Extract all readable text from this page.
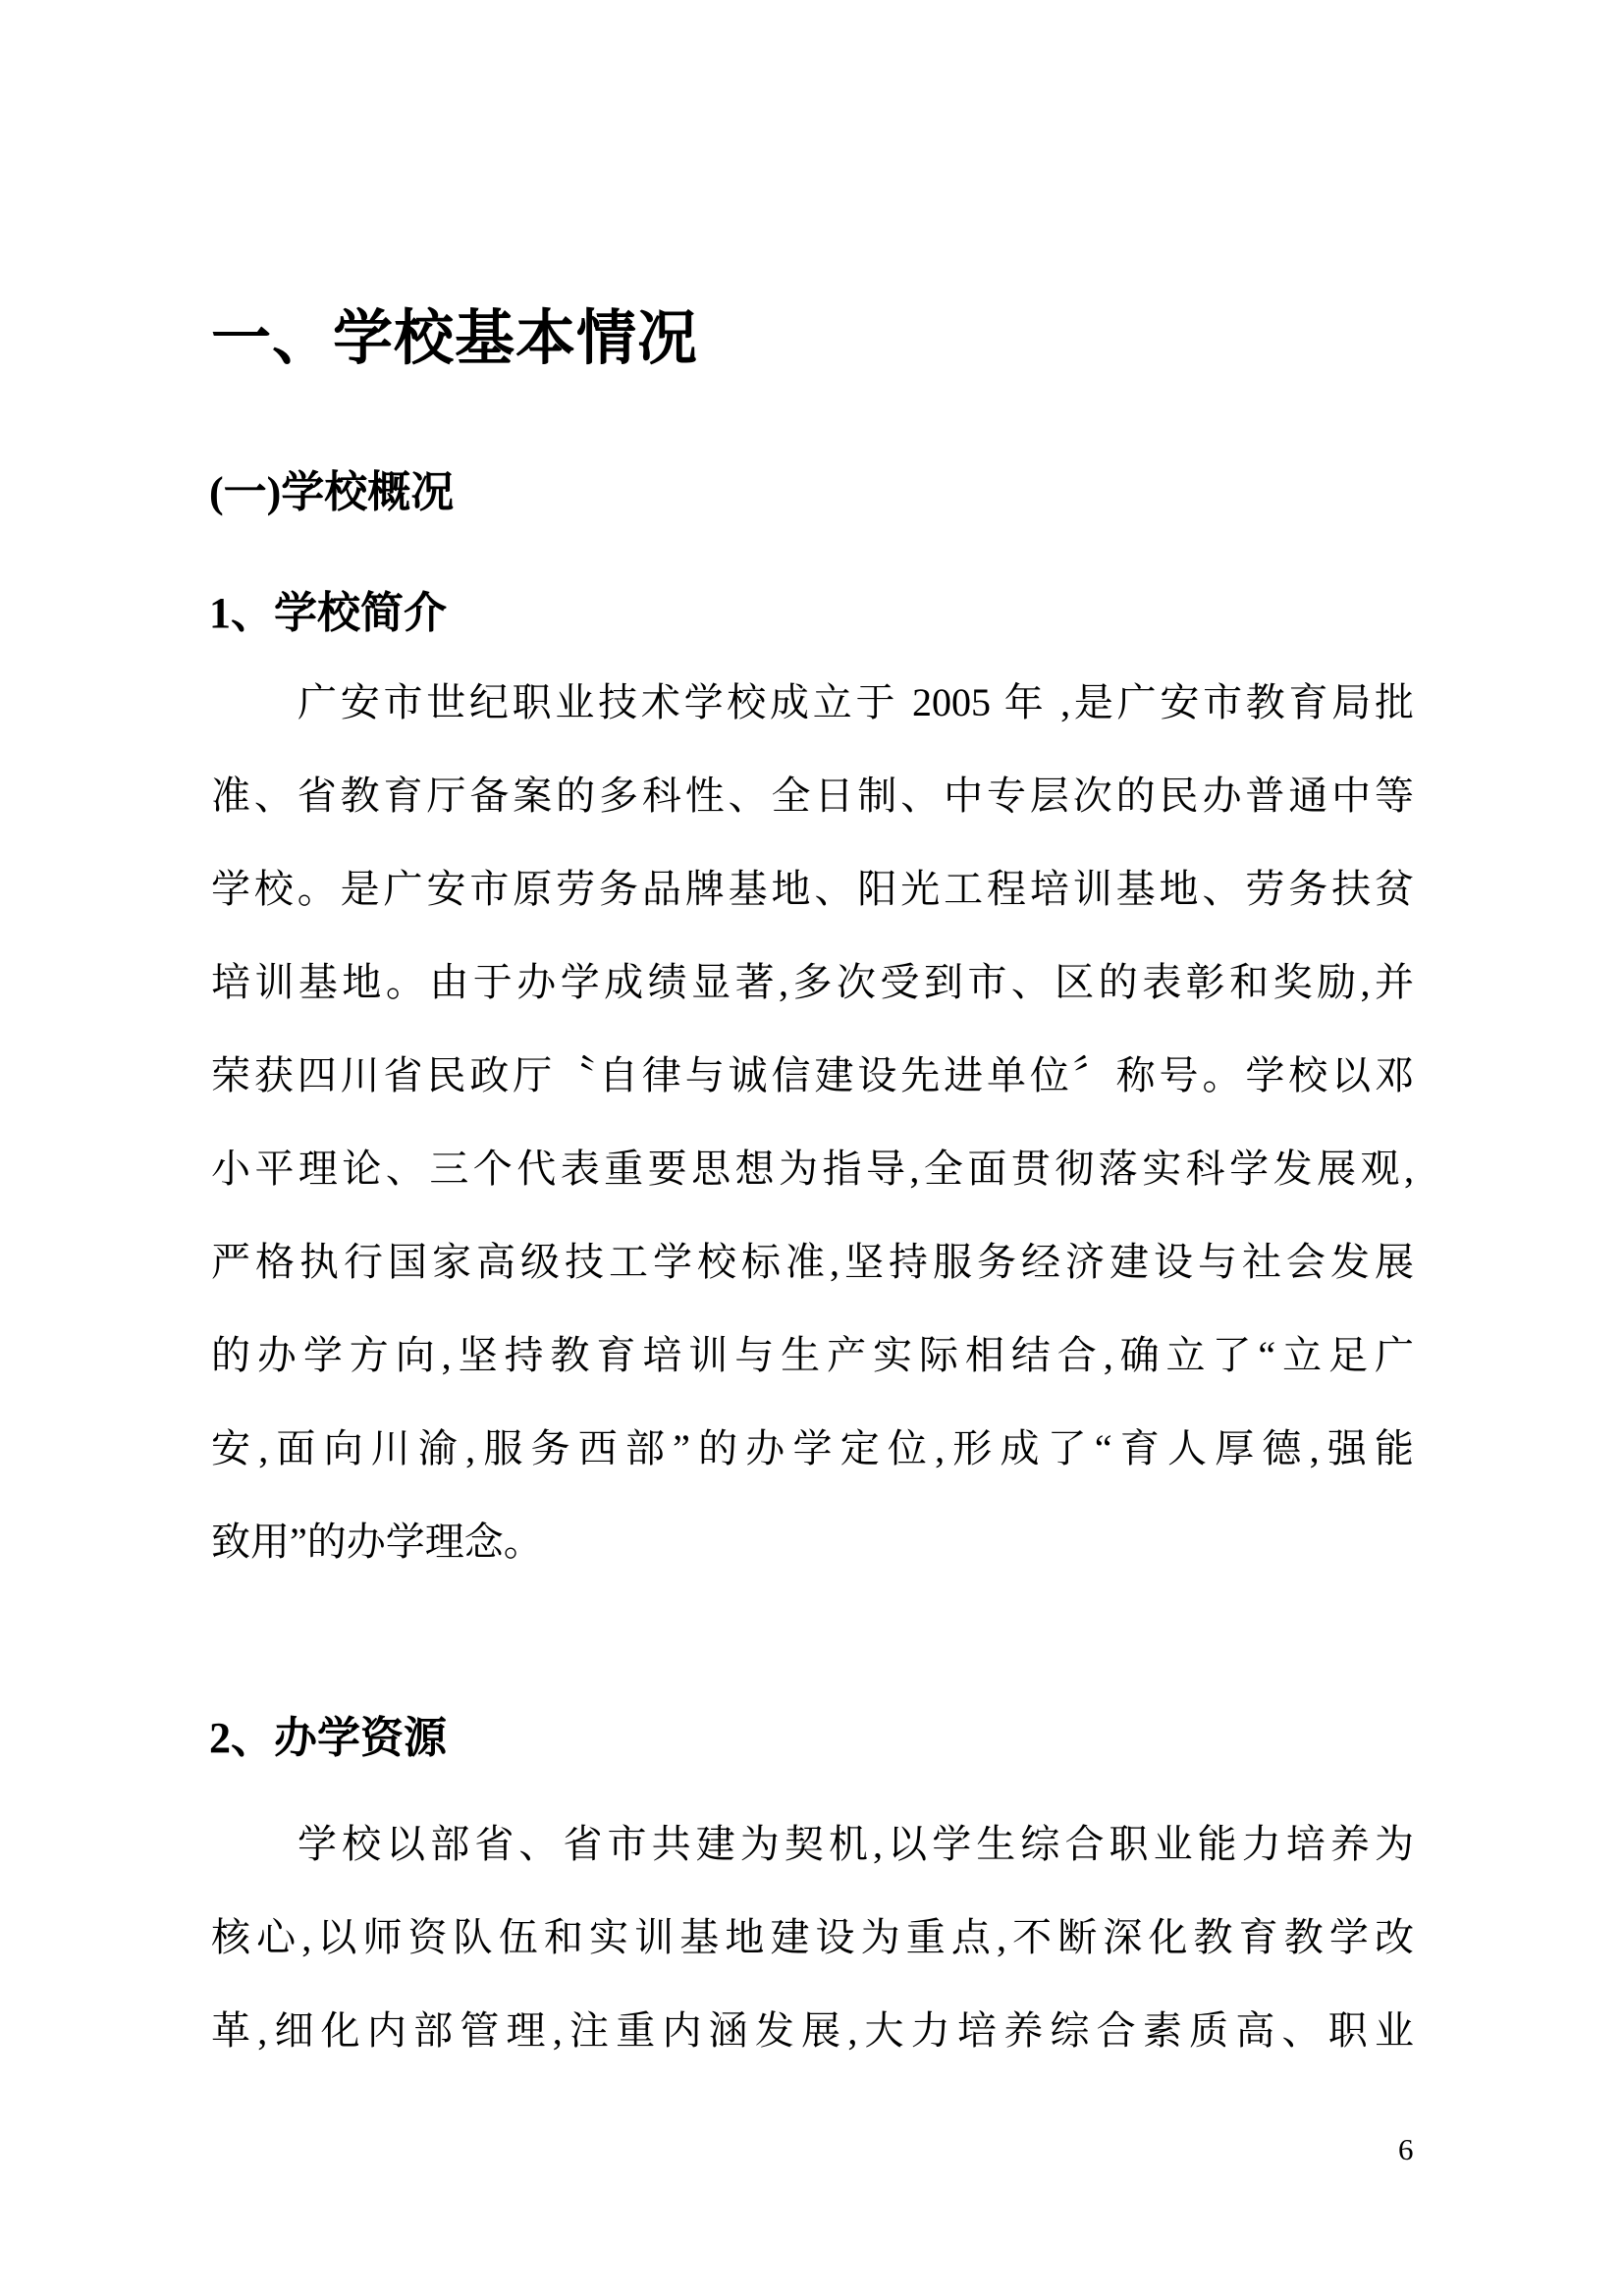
一、学校基本情况
(一)学校概况
1、学校简介
广安市世纪职业技术学校成立于 2005 年 ,是广安市教育局批
准、省教育厅备案的多科性、全日制、中专层次的民办普通中等
学校。是广安市原劳务品牌基地、阳光工程培训基地、劳务扶贫
培训基地。由于办学成绩显著,多次受到市、区的表彰和奖励,并
荣获四川省民政厅〝自律与诚信建设先进单位〞称号。学校以邓
小平理论、三个代表重要思想为指导,全面贯彻落实科学发展观,
严格执行国家高级技工学校标准,坚持服务经济建设与社会发展
的办学方向,坚持教育培训与生产实际相结合,确立了“立足广
安,面向川渝,服务西部”的办学定位,形成了“育人厚德,强能
致用”的办学理念。
2、办学资源
学校以部省、省市共建为契机,以学生综合职业能力培养为
核心,以师资队伍和实训基地建设为重点,不断深化教育教学改
革,细化内部管理,注重内涵发展,大力培养综合素质高、职业
6
